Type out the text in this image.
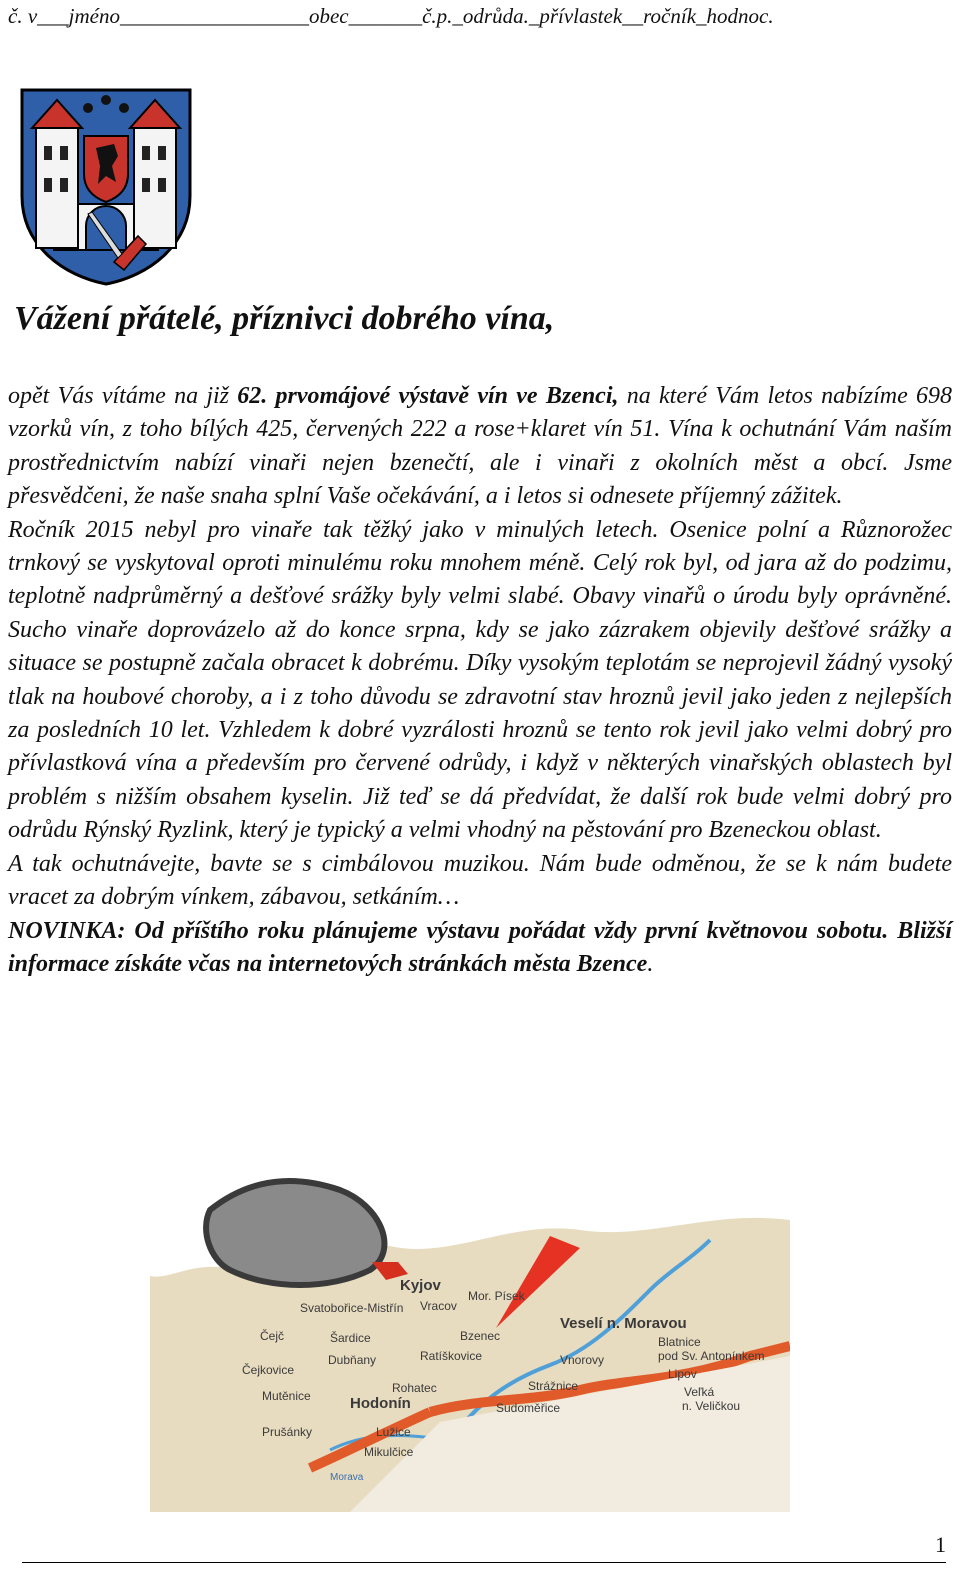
č. v___jméno__________________obec_______č.p._odrůda._přívlastek__ročník_hodnoc.
Vážení přátelé, příznivci dobrého vína,

opět Vás vítáme na již 62. prvomájové výstavě vín ve Bzenci, na které Vám letos nabízíme 698 vzorků vín, z toho bílých 425, červených 222 a rose+klaret vín 51. Vína k ochutnání Vám naším prostřednictvím nabízí vinaři nejen bzenečtí, ale i vinaři z okolních měst a obcí. Jsme přesvědčeni, že naše snaha splní Vaše očekávání, a i letos si odnesete příjemný zážitek.

Ročník 2015 nebyl pro vinaře tak těžký jako v minulých letech. Osenice polní a Různorožec trnkový se vyskytoval oproti minulému roku mnohem méně. Celý rok byl, od jara až do podzimu, teplotně nadprůměrný a dešťové srážky byly velmi slabé. Obavy vinařů o úrodu byly oprávněné. Sucho vinaře doprovázelo až do konce srpna, kdy se jako zázrakem objevily dešťové srážky a situace se postupně začala obracet k dobrému. Díky vysokým teplotám se neprojevil žádný vysoký tlak na houbové choroby, a i z toho důvodu se zdravotní stav hroznů jevil jako jeden z nejlepších za posledních 10 let. Vzhledem k dobré vyzrálosti hroznů se tento rok jevil jako velmi dobrý pro přívlastková vína a především pro červené odrůdy, i když v některých vinařských oblastech byl problém s nižším obsahem kyselin. Již teď se dá předvídat, že další rok bude velmi dobrý pro odrůdu Rýnský Ryzlink, který je typický a velmi vhodný na pěstování pro Bzeneckou oblast.

A tak ochutnávejte, bavte se s cimbálovou muzikou. Nám bude odměnou, že se k nám budete vracet za dobrým vínkem, zábavou, setkáním…

NOVINKA: Od příštího roku plánujeme výstavu pořádat vždy první květnovou sobotu. Bližší informace získáte včas na internetových stránkách města Bzence.

Kyjov
Mor. Písek
Vracov
Veselí n. Moravou
Svatobořice-Mistřín
Čejč	Šardice	Bzenec	Blatnice
pod Sv. Antonínkem
Ratíškovice	Vnorovy
Dubňany
Lipov
Čejkovice
Rohatec	Strážnice	Veľká
n. Veličkou
Mutěnice	Hodonín	Sudoměřice
Prušánky	Lužice
Mikulčice
Morava
1
